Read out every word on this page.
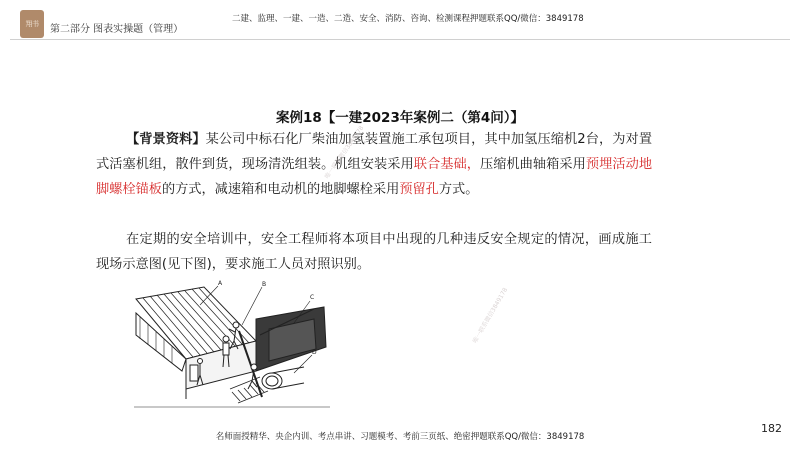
翔书	第二部分 图表实操题（管理）
二建、监理、一建、一造、二造、安全、消防、咨询、检测课程押题联系QQ/微信：3849178
案例18【一建2023年案例二（第4问）】
【背景资料】某公司中标石化厂柴油加氢装置施工承包项目，其中加氢压缩机2台，为对置式活塞机组，散件到货，现场清洗组装。机组安装采用联合基础，压缩机曲轴箱采用预埋活动地脚螺栓锚板的方式，减速箱和电动机的地脚螺栓采用预留孔方式。
在定期的安全培训中，安全工程师将本项目中出现的几种违反安全规定的情况，画成施工现场示意图(见下图)，要求施工人员对照识别。
A	B
C
D
唯一联系微信3849178
唯一联系微信3849178
182
名师面授精华、央企内训、考点串讲、习题模考、考前三页纸、绝密押题联系QQ/微信：3849178
